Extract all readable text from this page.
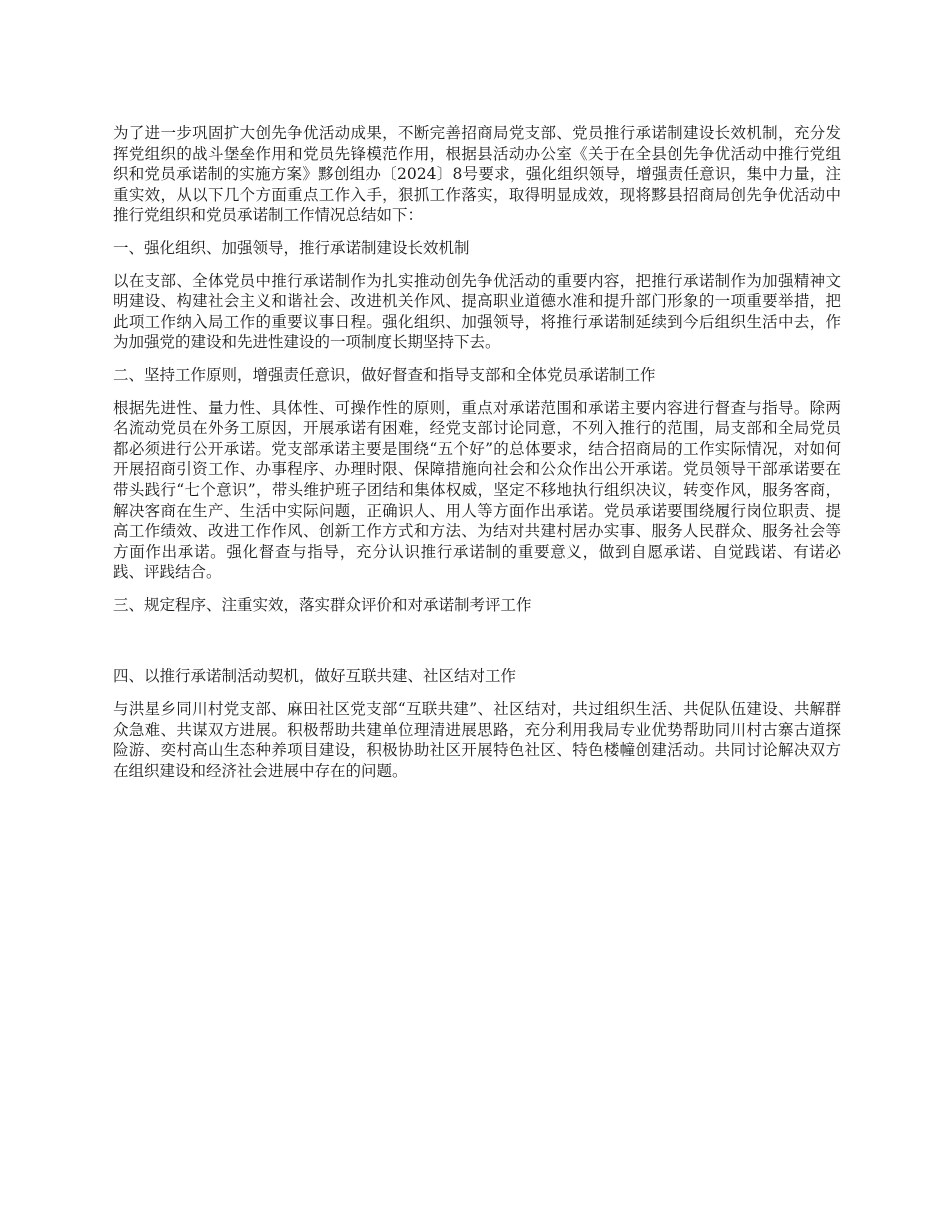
为了进一步巩固扩大创先争优活动成果，不断完善招商局党支部、党员推行承诺制建设长效机制，充分发挥党组织的战斗堡垒作用和党员先锋模范作用，根据县活动办公室《关于在全县创先争优活动中推行党组织和党员承诺制的实施方案》黟创组办〔2024〕8号要求，强化组织领导，增强责任意识，集中力量，注重实效，从以下几个方面重点工作入手，狠抓工作落实，取得明显成效，现将黟县招商局创先争优活动中推行党组织和党员承诺制工作情况总结如下：

一、强化组织、加强领导，推行承诺制建设长效机制

以在支部、全体党员中推行承诺制作为扎实推动创先争优活动的重要内容，把推行承诺制作为加强精神文明建设、构建社会主义和谐社会、改进机关作风、提高职业道德水准和提升部门形象的一项重要举措，把此项工作纳入局工作的重要议事日程。强化组织、加强领导，将推行承诺制延续到今后组织生活中去，作为加强党的建设和先进性建设的一项制度长期坚持下去。

二、坚持工作原则，增强责任意识，做好督查和指导支部和全体党员承诺制工作

根据先进性、量力性、具体性、可操作性的原则，重点对承诺范围和承诺主要内容进行督查与指导。除两名流动党员在外务工原因，开展承诺有困难，经党支部讨论同意，不列入推行的范围，局支部和全局党员都必须进行公开承诺。党支部承诺主要是围绕“五个好”的总体要求，结合招商局的工作实际情况，对如何开展招商引资工作、办事程序、办理时限、保障措施向社会和公众作出公开承诺。党员领导干部承诺要在带头践行“七个意识”，带头维护班子团结和集体权威，坚定不移地执行组织决议，转变作风，服务客商，解决客商在生产、生活中实际问题，正确识人、用人等方面作出承诺。党员承诺要围绕履行岗位职责、提高工作绩效、改进工作作风、创新工作方式和方法、为结对共建村居办实事、服务人民群众、服务社会等方面作出承诺。强化督查与指导，充分认识推行承诺制的重要意义，做到自愿承诺、自觉践诺、有诺必践、评践结合。

三、规定程序、注重实效，落实群众评价和对承诺制考评工作

四、以推行承诺制活动契机，做好互联共建、社区结对工作

与洪星乡同川村党支部、麻田社区党支部“互联共建”、社区结对，共过组织生活、共促队伍建设、共解群众急难、共谋双方进展。积极帮助共建单位理清进展思路，充分利用我局专业优势帮助同川村古寨古道探险游、奕村高山生态种养项目建设，积极协助社区开展特色社区、特色楼幢创建活动。共同讨论解决双方在组织建设和经济社会进展中存在的问题。
